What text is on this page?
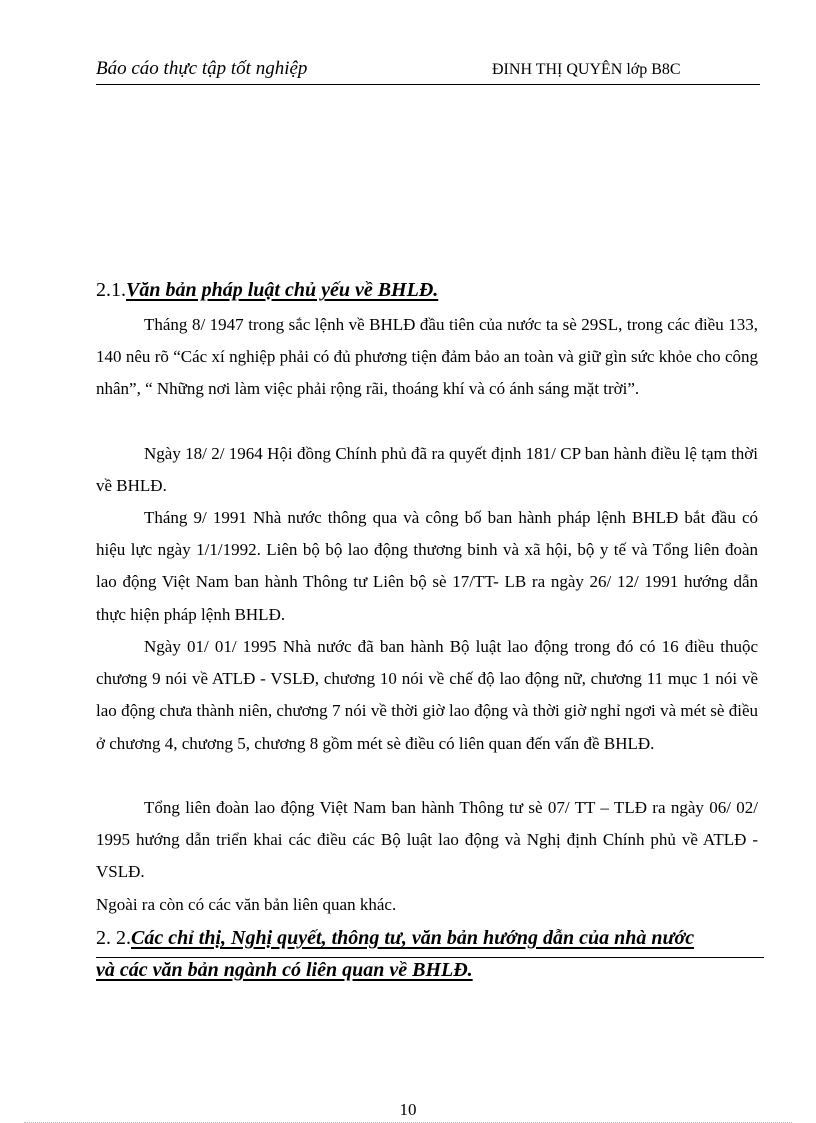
Báo cáo thực tập tốt nghiệp	ĐINH THỊ QUYÊN lớp B8C
2.1.Văn bản pháp luật chủ yếu về BHLĐ.

Tháng 8/ 1947 trong sắc lệnh về BHLĐ đầu tiên của nước ta sè 29SL, trong các điều 133, 140 nêu rõ “Các xí nghiệp phải có đủ phương tiện đảm bảo an toàn và giữ gìn sức khỏe cho công nhân”, “ Những nơi làm việc phải rộng rãi, thoáng khí và có ánh sáng mặt trời”.

Ngày 18/ 2/ 1964 Hội đồng Chính phủ đã ra quyết định 181/ CP ban hành điều lệ tạm thời về BHLĐ.

Tháng 9/ 1991 Nhà nước thông qua và công bố ban hành pháp lệnh BHLĐ bắt đầu có hiệu lực ngày 1/1/1992. Liên bộ bộ lao động thương binh và xã hội, bộ y tế và Tổng liên đoàn lao động Việt Nam ban hành Thông tư Liên bộ sè 17/TT- LB ra ngày 26/ 12/ 1991 hướng dẫn thực hiện pháp lệnh BHLĐ.

Ngày 01/ 01/ 1995 Nhà nước đã ban hành Bộ luật lao động trong đó có 16 điều thuộc chương 9 nói về ATLĐ - VSLĐ, chương 10 nói về chế độ lao động nữ, chương 11 mục 1 nói về lao động chưa thành niên, chương 7 nói về thời giờ lao động và thời giờ nghỉ ngơi và mét sè điều ở chương 4, chương 5, chương 8 gồm mét sè điều có liên quan đến vấn đề BHLĐ.

Tổng liên đoàn lao động Việt Nam ban hành Thông tư sè 07/ TT – TLĐ ra ngày 06/ 02/ 1995 hướng dẫn triển khai các điều các Bộ luật lao động và Nghị định Chính phủ về ATLĐ - VSLĐ.

Ngoài ra còn có các văn bản liên quan khác.

2. 2.Các chỉ thị, Nghị quyết, thông tư, văn bản hướng dẫn của nhà nước
và các văn bản ngành có liên quan về BHLĐ.
10
